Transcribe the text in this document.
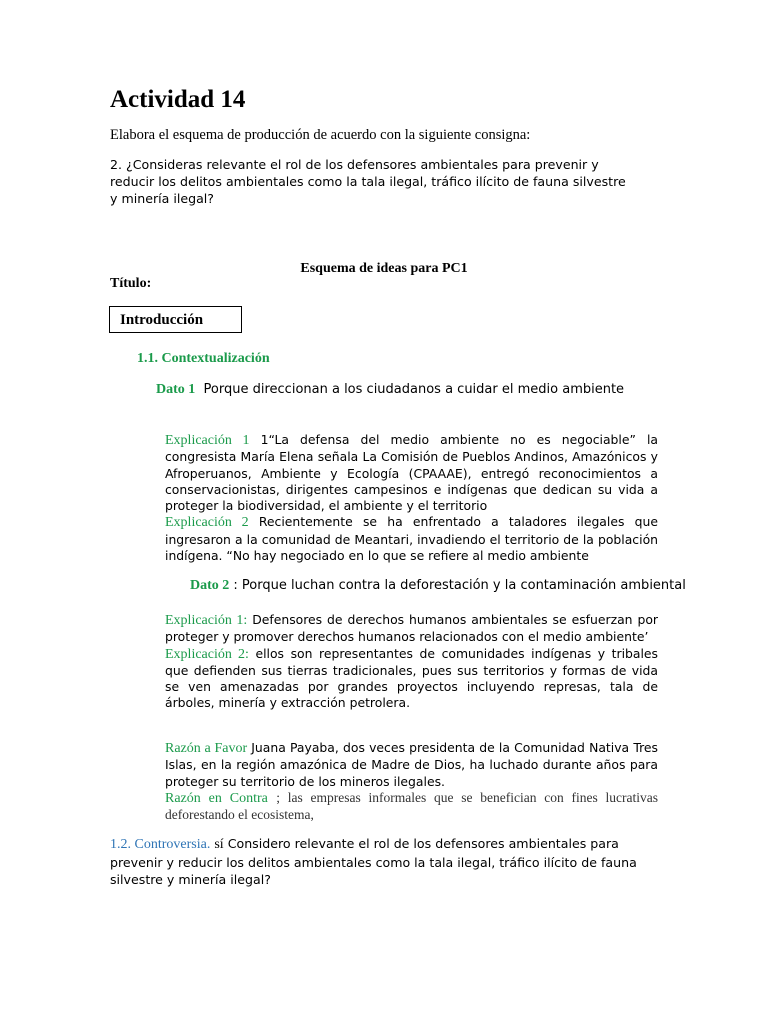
Actividad 14
Elabora el esquema de producción de acuerdo con la siguiente consigna:
2. ¿Consideras relevante el rol de los defensores ambientales para prevenir y reducir los delitos ambientales como la tala ilegal, tráfico ilícito de fauna silvestre y minería ilegal?
Esquema de ideas para PC1
Título:
Introducción
1.1. Contextualización
Dato 1 Porque direccionan a los ciudadanos a cuidar el medio ambiente
Explicación 1 1“La defensa del medio ambiente no es negociable” la congresista María Elena señala La Comisión de Pueblos Andinos, Amazónicos y Afroperuanos, Ambiente y Ecología (CPAAAE), entregó reconocimientos a conservacionistas, dirigentes campesinos e indígenas que dedican su vida a proteger la biodiversidad, el ambiente y el territorio
Explicación 2 Recientemente se ha enfrentado a taladores ilegales que ingresaron a la comunidad de Meantari, invadiendo el territorio de la población indígena. “No hay negociado en lo que se refiere al medio ambiente
Dato 2 : Porque luchan contra la deforestación y la contaminación ambiental
Explicación 1: Defensores de derechos humanos ambientales se esfuerzan por proteger y promover derechos humanos relacionados con el medio ambiente’
Explicación 2: ellos son representantes de comunidades indígenas y tribales que defienden sus tierras tradicionales, pues sus territorios y formas de vida se ven amenazadas por grandes proyectos incluyendo represas, tala de árboles, minería y extracción petrolera.
Razón a Favor Juana Payaba, dos veces presidenta de la Comunidad Nativa Tres Islas, en la región amazónica de Madre de Dios, ha luchado durante años para proteger su territorio de los mineros ilegales.
Razón en Contra ; las empresas informales que se benefician con fines lucrativas deforestando el ecosistema,
1.2. Controversia. sí Considero relevante el rol de los defensores ambientales para prevenir y reducir los delitos ambientales como la tala ilegal, tráfico ilícito de fauna silvestre y minería ilegal?
